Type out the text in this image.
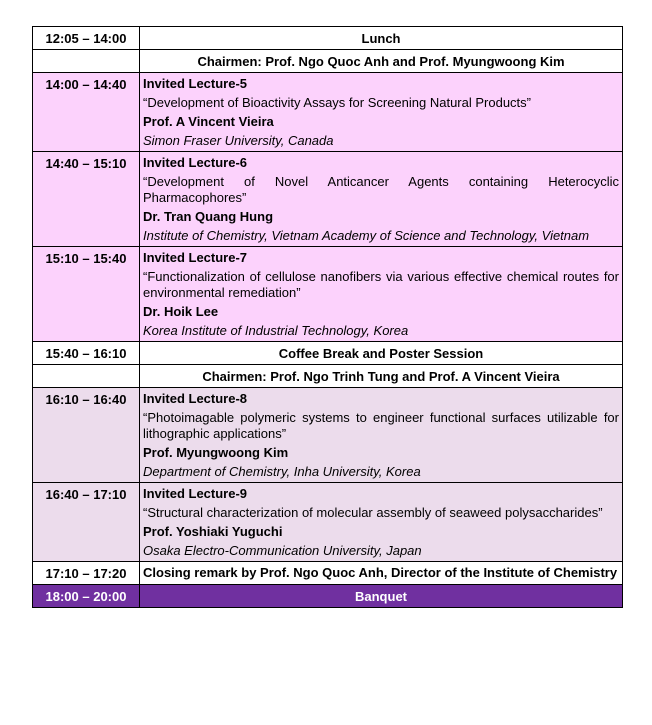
12:05 – 14:00	Lunch
	Chairmen: Prof. Ngo Quoc Anh and Prof. Myungwoong Kim
14:00 – 14:40	Invited Lecture-5
“Development of Bioactivity Assays for Screening Natural Products”
Prof. A Vincent Vieira
Simon Fraser University, Canada

14:40 – 15:10	Invited Lecture-6
“Development of Novel Anticancer Agents containing Heterocyclic Pharmacophores”
Dr. Tran Quang Hung
Institute of Chemistry, Vietnam Academy of Science and Technology, Vietnam

15:10 – 15:40	Invited Lecture-7
“Functionalization of cellulose nanofibers via various effective chemical routes for environmental remediation”
Dr. Hoik Lee
Korea Institute of Industrial Technology, Korea

15:40 – 16:10	Coffee Break and Poster Session
	Chairmen: Prof. Ngo Trinh Tung and Prof. A Vincent Vieira
16:10 – 16:40	Invited Lecture-8
“Photoimagable polymeric systems to engineer functional surfaces utilizable for lithographic applications”
Prof. Myungwoong Kim
Department of Chemistry, Inha University, Korea

16:40 – 17:10	Invited Lecture-9
“Structural characterization of molecular assembly of seaweed polysaccharides”
Prof. Yoshiaki Yuguchi
Osaka Electro-Communication University, Japan

17:10 – 17:20	Closing remark by Prof. Ngo Quoc Anh, Director of the Institute of Chemistry

18:00 – 20:00	Banquet
